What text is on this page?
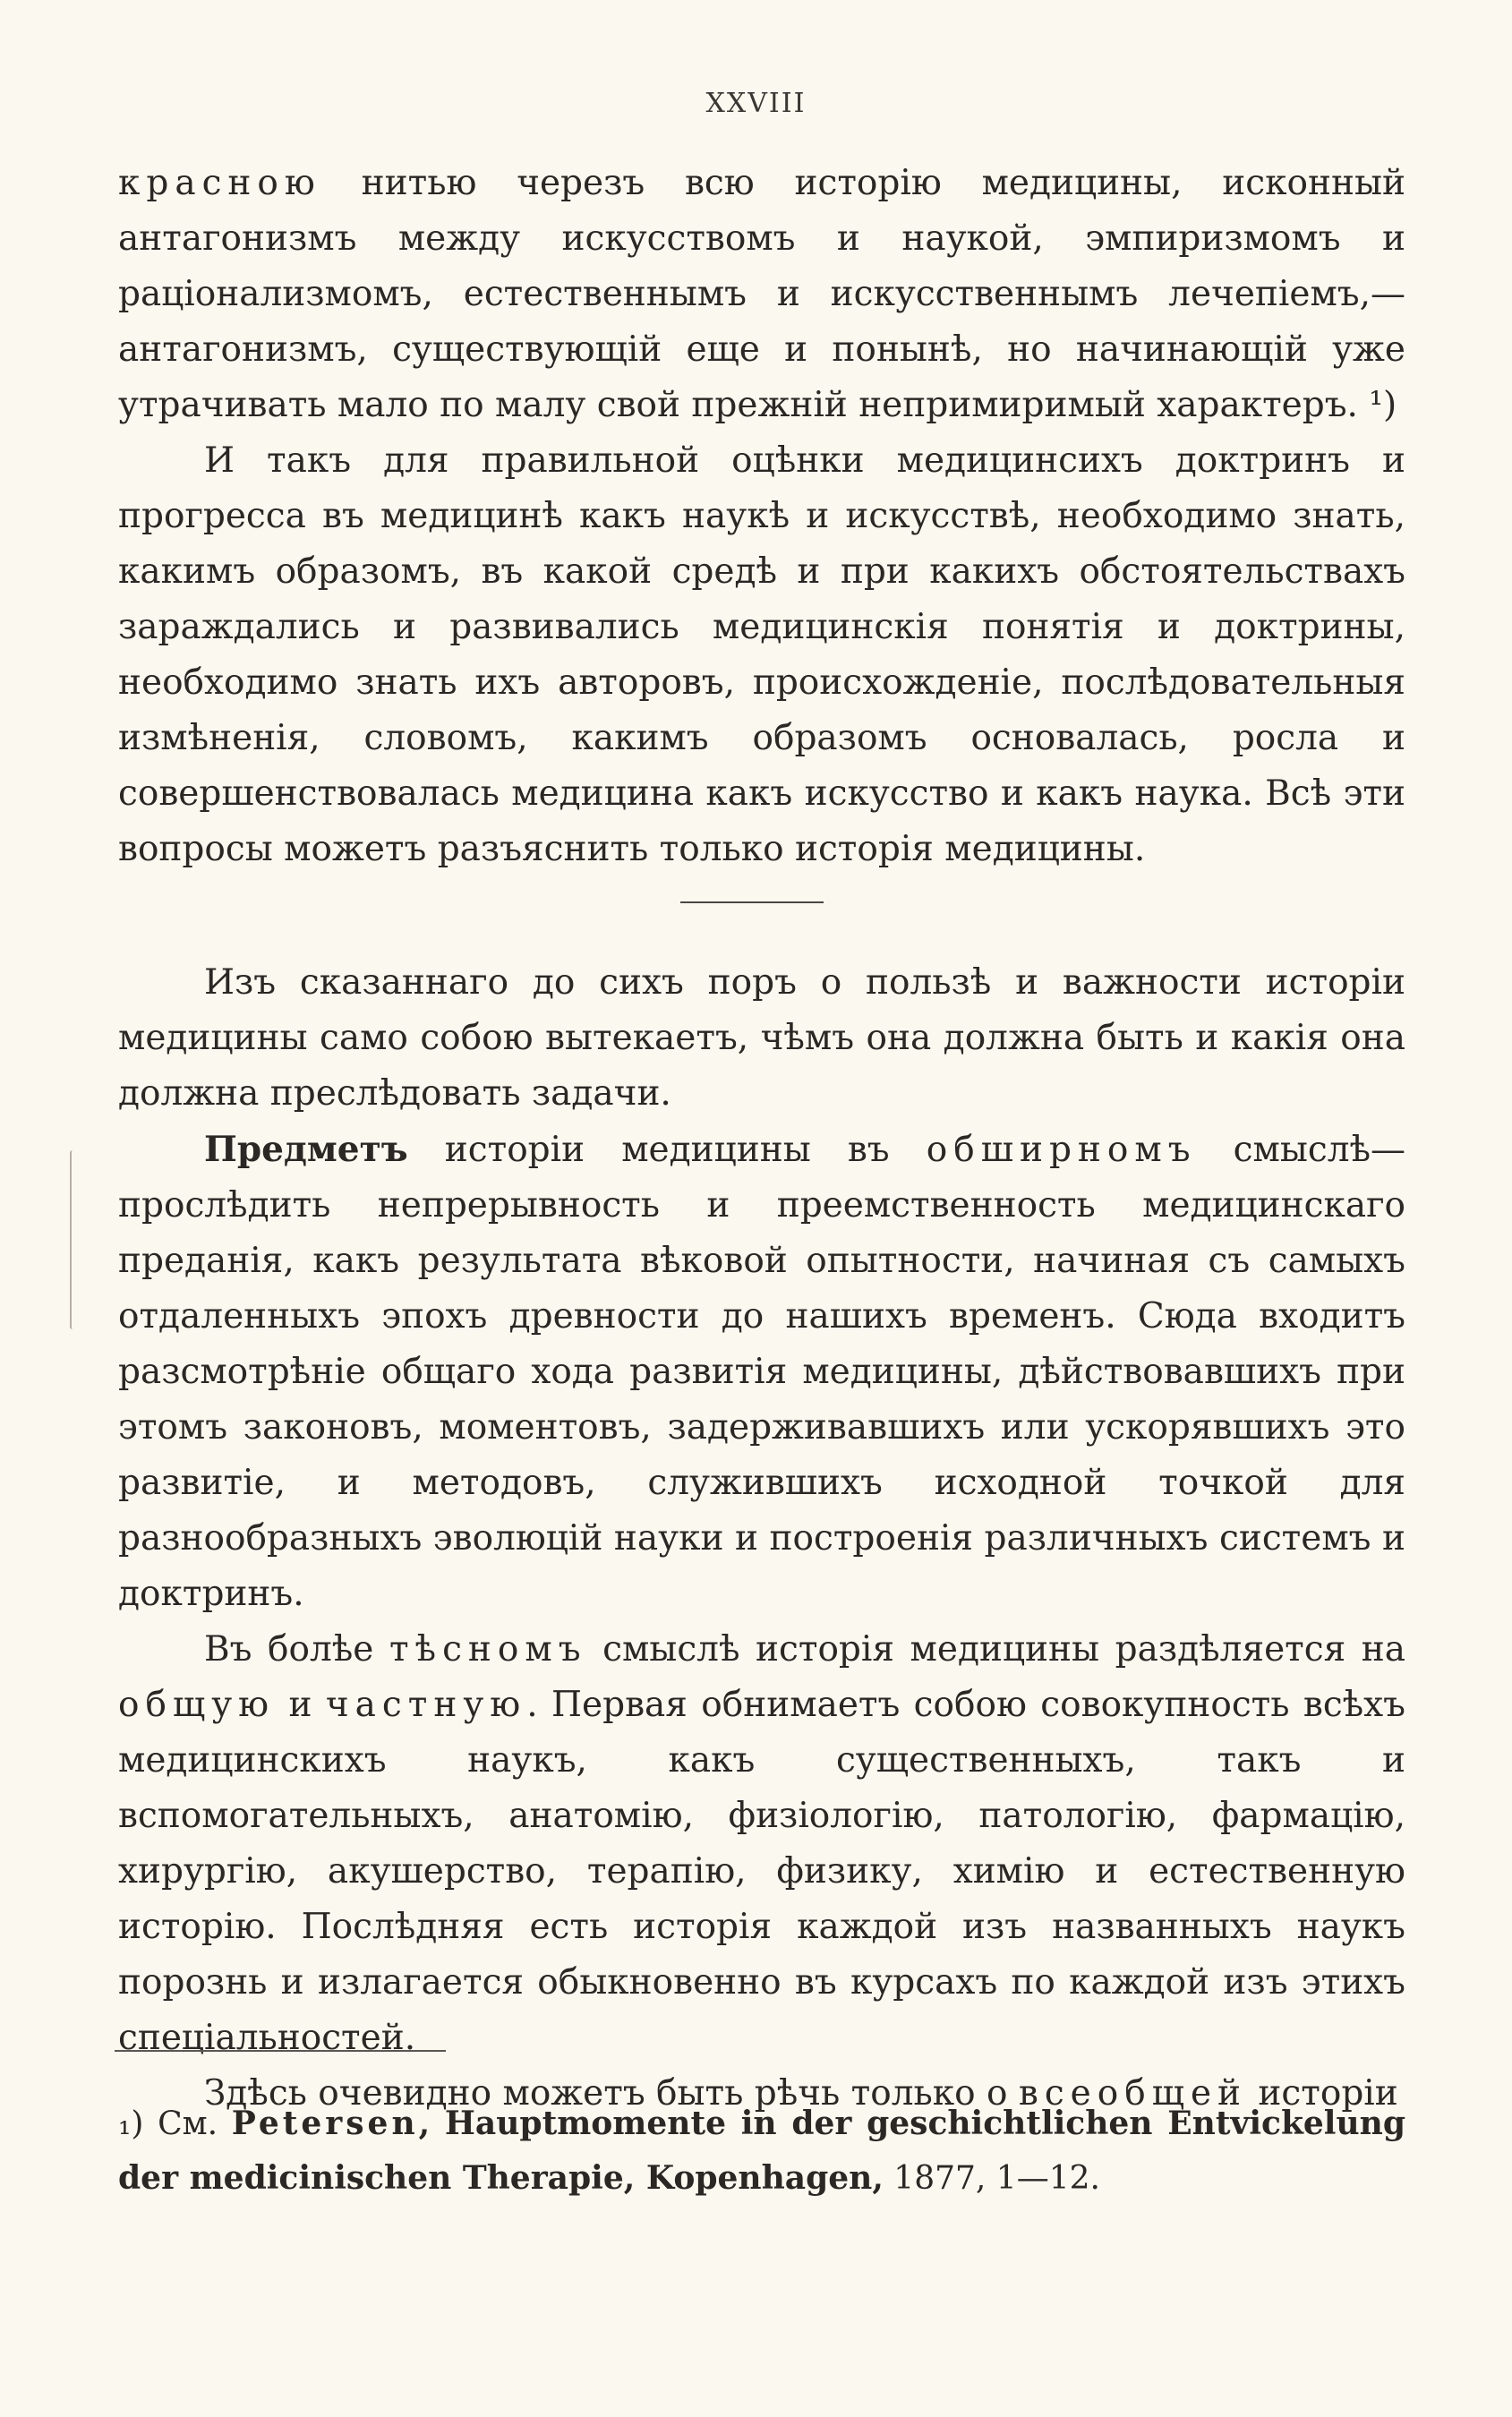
XXVIII

красною нитью черезъ всю исторію медицины, исконный антагонизмъ между искусствомъ и наукой, эмпиризмомъ и раціонализмомъ, естественнымъ и искусственнымъ лечепіемъ,—антагонизмъ, существующій еще и понынѣ, но начинающій уже утрачивать мало по малу свой прежній непримиримый характеръ. ¹)

И такъ для правильной оцѣнки медицинсихъ доктринъ и прогресса въ медицинѣ какъ наукѣ и искусствѣ, необходимо знать, какимъ образомъ, въ какой средѣ и при какихъ обстоятельствахъ зараждались и развивались медицинскія понятія и доктрины, необходимо знать ихъ авторовъ, происхожденіе, послѣдовательныя измѣненія, словомъ, какимъ образомъ основалась, росла и совершенствовалась медицина какъ искусство и какъ наука. Всѣ эти вопросы можетъ разъяснить только исторія медицины.

Изъ сказаннаго до сихъ поръ о пользѣ и важности исторіи медицины само собою вытекаетъ, чѣмъ она должна быть и какія она должна преслѣдовать задачи.

Предметъ исторіи медицины въ обширномъ смыслѣ—прослѣдить непрерывность и преемственность медицинскаго преданія, какъ результата вѣковой опытности, начиная съ самыхъ отдаленныхъ эпохъ древности до нашихъ временъ. Сюда входитъ разсмотрѣніе общаго хода развитія медицины, дѣйствовавшихъ при этомъ законовъ, моментовъ, задерживавшихъ или ускорявшихъ это развитіе, и методовъ, служившихъ исходной точкой для разнообразныхъ эволюцій науки и построенія различныхъ системъ и доктринъ.

Въ болѣе тѣсномъ смыслѣ исторія медицины раздѣляется на общую и частную. Первая обнимаетъ собою совокупность всѣхъ медицинскихъ наукъ, какъ существенныхъ, такъ и вспомогательныхъ, анатомію, физіологію, патологію, фармацію, хирургію, акушерство, терапію, физику, химію и естественную исторію. Послѣдняя есть исторія каждой изъ названныхъ наукъ порознь и излагается обыкновенно въ курсахъ по каждой изъ этихъ спеціальностей.

Здѣсь очевидно можетъ быть рѣчь только о всеобщей исторіи

₁) См. Petersen, Hauptmomente in der geschichtlichen Entvickelung der medicinischen Therapie, Kopenhagen, 1877, 1—12.
